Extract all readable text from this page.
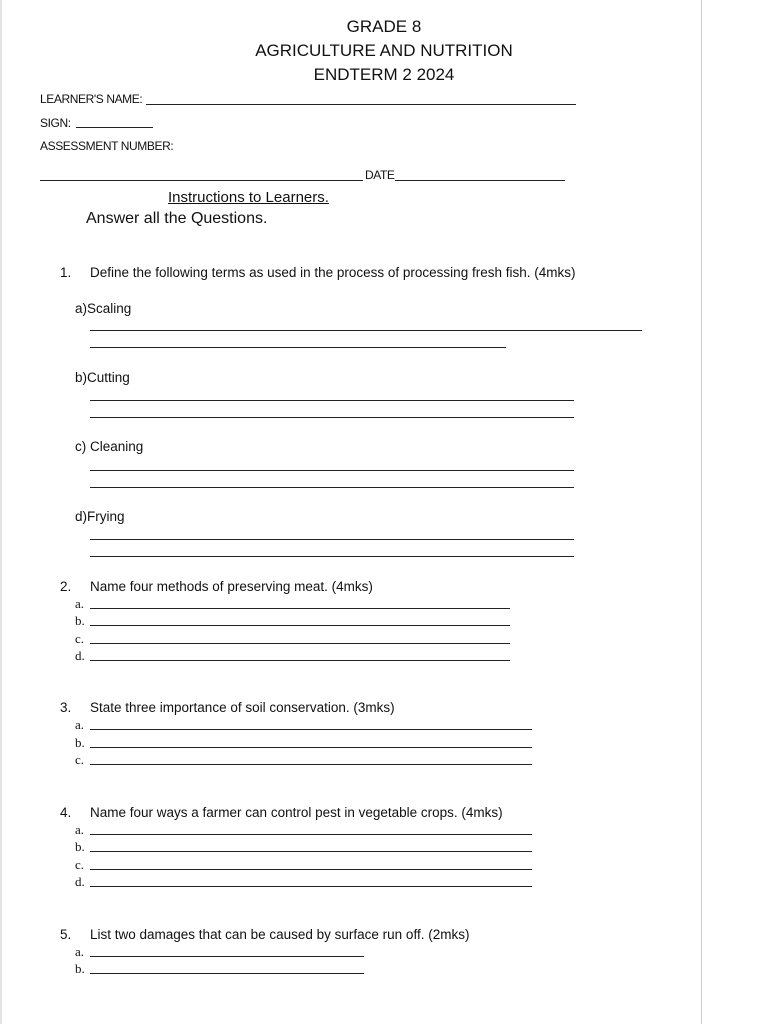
GRADE 8
AGRICULTURE AND NUTRITION
ENDTERM 2 2024
LEARNER'S NAME:
SIGN:
ASSESSMENT NUMBER:
DATE
Instructions to Learners.
Answer all the Questions.
1. Define the following terms as used in the process of processing fresh fish. (4mks)
a)Scaling
b)Cutting
c) Cleaning
d)Frying
2. Name four methods of preserving meat. (4mks)
a.
b.
c.
d.
3. State three importance of soil conservation. (3mks)
a.
b.
c.
4. Name four ways a farmer can control pest in vegetable crops. (4mks)
a.
b.
c.
d.
5. List two damages that can be caused by surface run off. (2mks)
a.
b.
